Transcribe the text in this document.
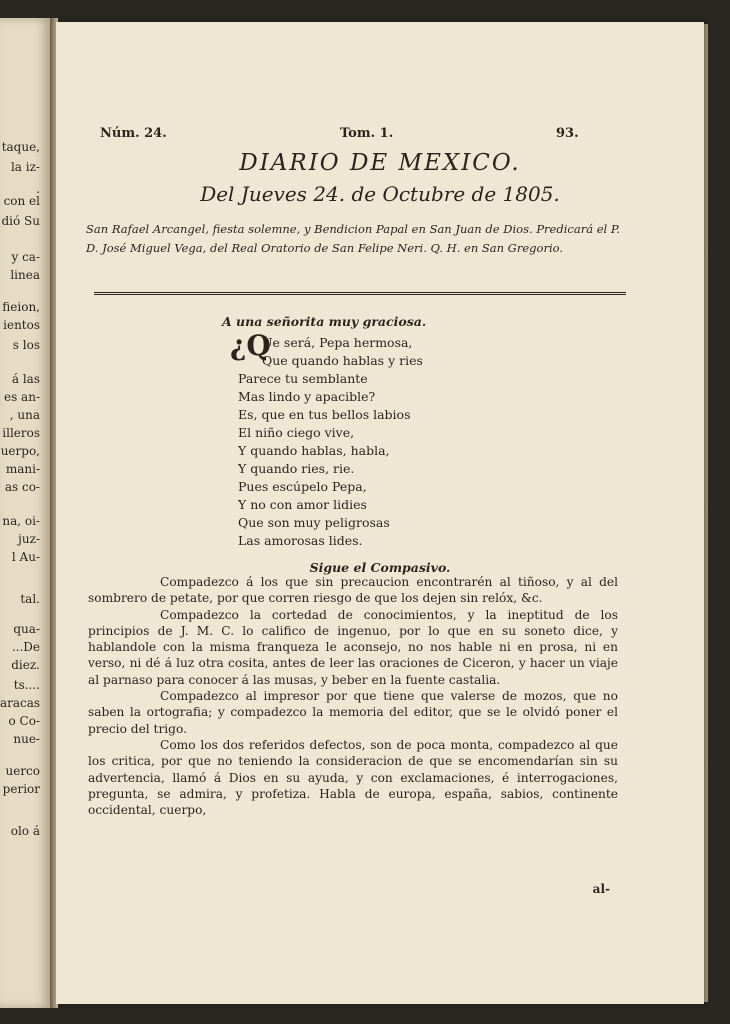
taque,
la iz-
.
con el
dió Su
y ca-
linea
fieion,
ientos
s los
á las
es an-
, una
illeros
uerpo,
mani-
as co-
na, oi-
juz-
l Au-
tal.
qua-
...De
diez.
ts....
aracas
o Co-
nue-
uerco
perior
olo á
Núm. 24.	Tom. 1.	93.
DIARIO DE MEXICO.
Del Jueves 24. de Octubre de 1805.
San Rafael Arcangel, fiesta solemne, y Bendicion Papal en San Juan de Dios. Predicará el P. D. José Miguel Vega, del Real Oratorio de San Felipe Neri. Q. H. en San Gregorio.
A una señorita muy graciosa.
¿Q
Ue será, Pepa hermosa,
Que quando hablas y ries
Parece tu semblante
Mas lindo y apacible?
Es, que en tus bellos labios
El niño ciego vive,
Y quando hablas, habla,
Y quando ries, rie.
Pues escúpelo Pepa,
Y no con amor lidies
Que son muy peligrosas
Las amorosas lides.
Sigue el Compasivo.

Compadezco á los que sin precaucion encontrarén al tiñoso, y al del sombrero de petate, por que corren riesgo de que los dejen sin relóx, &c.

Compadezco la cortedad de conocimientos, y la ineptitud de los principios de J. M. C. lo califico de ingenuo, por lo que en su soneto dice, y hablandole con la misma franqueza le aconsejo, no nos hable ni en prosa, ni en verso, ni dé á luz otra cosita, antes de leer las oraciones de Ciceron, y hacer un viaje al parnaso para conocer á las musas, y beber en la fuente castalia.

Compadezco al impresor por que tiene que valerse de mozos, que no saben la ortografia; y compadezco la memoria del editor, que se le olvidó poner el precio del trigo.

Como los dos referidos defectos, son de poca monta, compadezco al que los critica, por que no teniendo la consideracion de que se encomendarían sin su advertencia, llamó á Dios en su ayuda, y con exclamaciones, é interrogaciones, pregunta, se admira, y profetiza. Habla de europa, españa, sabios, continente occidental, cuerpo,

al-
